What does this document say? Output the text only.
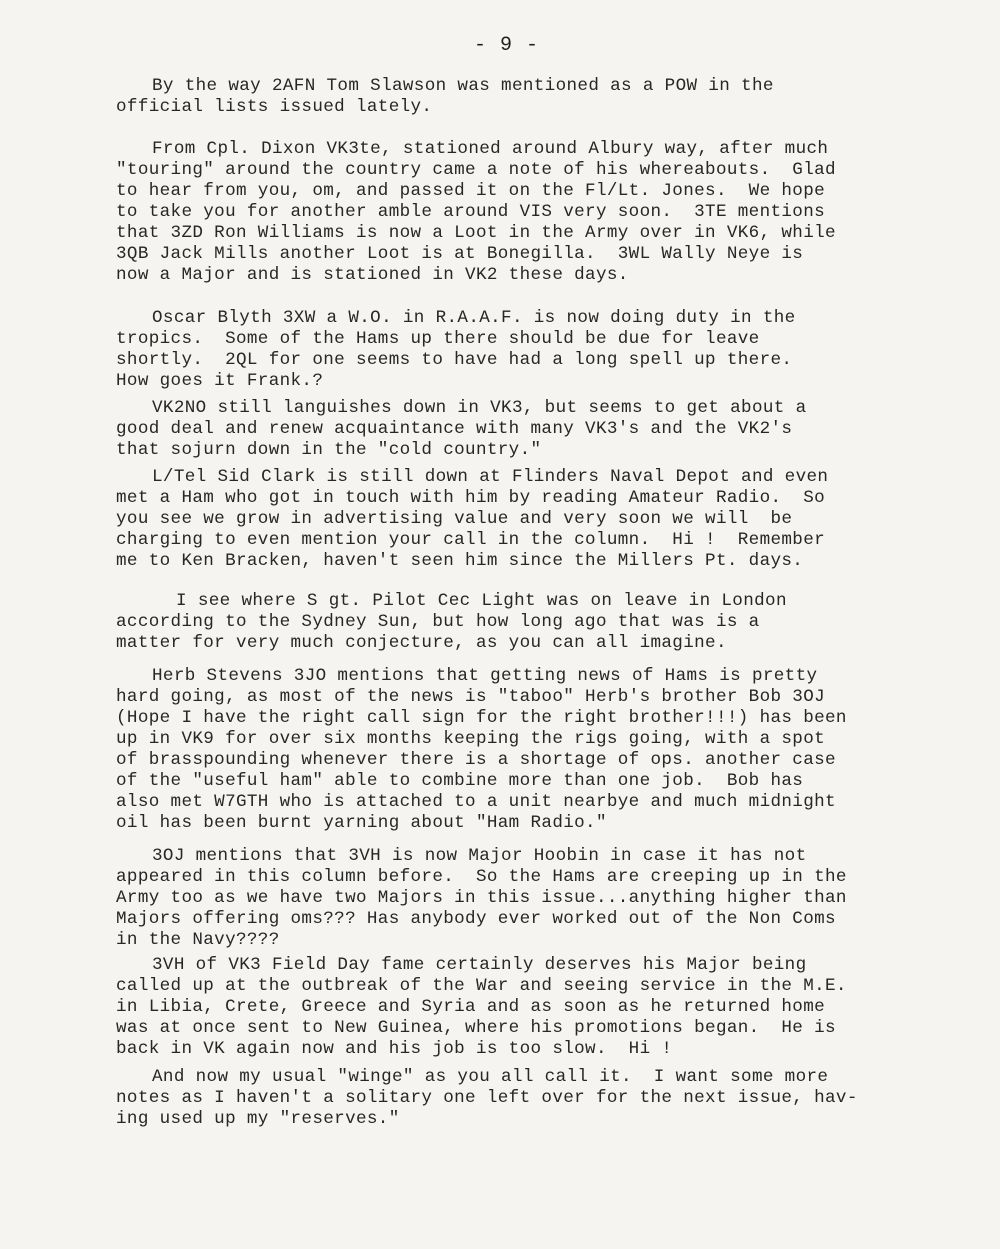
- 9 -
By the way 2AFN Tom Slawson was mentioned as a POW in the
official lists issued lately.
From Cpl. Dixon VK3te, stationed around Albury way, after much
"touring" around the country came a note of his whereabouts.  Glad
to hear from you, om, and passed it on the Fl/Lt. Jones.  We hope
to take you for another amble around VIS very soon.  3TE mentions
that 3ZD Ron Williams is now a Loot in the Army over in VK6, while
3QB Jack Mills another Loot is at Bonegilla.  3WL Wally Neye is
now a Major and is stationed in VK2 these days.
Oscar Blyth 3XW a W.O. in R.A.A.F. is now doing duty in the
tropics.  Some of the Hams up there should be due for leave
shortly.  2QL for one seems to have had a long spell up there.
How goes it Frank.?
VK2NO still languishes down in VK3, but seems to get about a
good deal and renew acquaintance with many VK3's and the VK2's
that sojurn down in the "cold country."
L/Tel Sid Clark is still down at Flinders Naval Depot and even
met a Ham who got in touch with him by reading Amateur Radio.  So
you see we grow in advertising value and very soon we will  be
charging to even mention your call in the column.  Hi !  Remember
me to Ken Bracken, haven't seen him since the Millers Pt. days.
I see where S gt. Pilot Cec Light was on leave in London
according to the Sydney Sun, but how long ago that was is a
matter for very much conjecture, as you can all imagine.
Herb Stevens 3JO mentions that getting news of Hams is pretty
hard going, as most of the news is "taboo" Herb's brother Bob 3OJ
(Hope I have the right call sign for the right brother!!!) has been
up in VK9 for over six months keeping the rigs going, with a spot
of brasspounding whenever there is a shortage of ops. another case
of the "useful ham" able to combine more than one job.  Bob has
also met W7GTH who is attached to a unit nearbye and much midnight
oil has been burnt yarning about "Ham Radio."
3OJ mentions that 3VH is now Major Hoobin in case it has not
appeared in this column before.  So the Hams are creeping up in the
Army too as we have two Majors in this issue...anything higher than
Majors offering oms??? Has anybody ever worked out of the Non Coms
in the Navy????
3VH of VK3 Field Day fame certainly deserves his Major being
called up at the outbreak of the War and seeing service in the M.E.
in Libia, Crete, Greece and Syria and as soon as he returned home
was at once sent to New Guinea, where his promotions began.  He is
back in VK again now and his job is too slow.  Hi !
And now my usual "winge" as you all call it.  I want some more
notes as I haven't a solitary one left over for the next issue, hav-
ing used up my "reserves."
